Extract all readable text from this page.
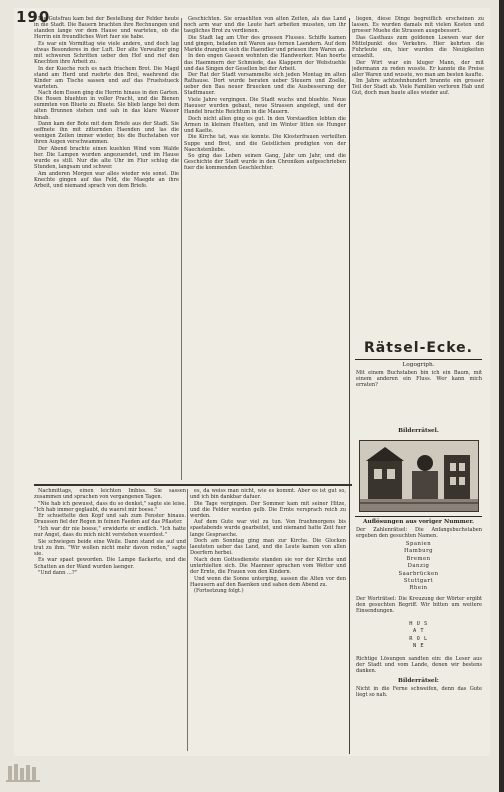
190

Die Gutsfrau kam bei der Bestellung der Felder heute in die Stadt. Die Bauern brachten ihre Rechnungen und standen lange vor dem Hause und warteten, ob die Herrin ein freundliches Wort fuer sie habe.

Es war ein Vormittag wie viele andere, und doch lag etwas Besonderes in der Luft. Der alte Verwalter ging mit schweren Schritten ueber den Hof und rief den Knechten ihre Arbeit zu.

In der Kueche roch es nach frischem Brot. Die Magd stand am Herd und ruehrte den Brei, waehrend die Kinder am Tische sassen und auf das Fruehstueck warteten.

Nach dem Essen ging die Herrin hinaus in den Garten. Die Rosen bluehten in voller Pracht, und die Bienen summten von Bluete zu Bluete. Sie blieb lange bei dem alten Brunnen stehen und sah in das klare Wasser hinab.

Dann kam der Bote mit dem Briefe aus der Stadt. Sie oeffnete ihn mit zitternden Haenden und las die wenigen Zeilen immer wieder, bis die Buchstaben vor ihren Augen verschwammen.

Der Abend brachte einen kuehlen Wind vom Walde her. Die Lampen wurden angezuendet, und im Hause wurde es still. Nur die alte Uhr im Flur schlug die Stunden, langsam und schwer.

Am anderen Morgen war alles wieder wie sonst. Die Knechte gingen auf das Feld, die Maegde an ihre Arbeit, und niemand sprach von dem Briefe.

Geschichten. Sie erzaehlten von alten Zeiten, als das Land noch arm war und die Leute hart arbeiten mussten, um ihr taegliches Brot zu verdienen.

Die Stadt lag am Ufer des grossen Flusses. Schiffe kamen und gingen, beladen mit Waren aus fernen Laendern. Auf dem Markte drangten sich die Haendler und priesen ihre Waren an.

In den engen Gassen wohnten die Handwerker. Man hoerte das Haemmern der Schmiede, das Klappern der Webstuehle und das Singen der Gesellen bei der Arbeit.

Der Rat der Stadt versammelte sich jeden Montag im alten Rathause. Dort wurde beraten ueber Steuern und Zoelle, ueber den Bau neuer Bruecken und die Ausbesserung der Stadtmauer.

Viele Jahre vergingen. Die Stadt wuchs und bluehte. Neue Haeuser wurden gebaut, neue Strassen angelegt, und der Handel brachte Reichtum in die Mauern.

Doch nicht allen ging es gut. In den Vorstaedten lebten die Armen in kleinen Huetten, und im Winter litten sie Hunger und Kaelte.

Die Kirche tat, was sie konnte. Die Klosterfrauen verteilten Suppe und Brot, und die Geistlichen predigten von der Naechstenliebe.

So ging das Leben seinen Gang, Jahr um Jahr, und die Geschichte der Stadt wurde in den Chroniken aufgeschrieben fuer die kommenden Geschlechter.

liegen, diese Dinge begreiflich erscheinen zu lassen. Es wurden damals mit vielen Kosten und grosser Muehe die Strassen ausgebessert.

Das Gasthaus zum goldenen Loewen war der Mittelpunkt des Verkehrs. Hier kehrten die Fuhrleute ein, hier wurden die Neuigkeiten erzaehlt.

Der Wirt war ein kluger Mann, der mit jedermann zu reden wusste. Er kannte die Preise aller Waren und wusste, wo man am besten kaufte.

Im Jahre achtzehnhundert brannte ein grosser Teil der Stadt ab. Viele Familien verloren Hab und Gut, doch man baute alles wieder auf.

Nachmittags, einen leichten Imbiss. Sie sassen zusammen und sprachen von vergangenen Tagen.

"Nie hab ich gewusst, dass du so denkst," sagte sie leise. "Ich hab immer geglaubt, du waerst mir boese."

Er schuettelte den Kopf und sah zum Fenster hinaus. Draussen fiel der Regen in feinen Faeden auf das Pflaster.

"Ich war dir nie boese," erwiderte er endlich. "Ich hatte nur Angst, dass du mich nicht verstehen wuerdest."

Sie schwiegen beide eine Weile. Dann stand sie auf und trat zu ihm. "Wir wollen nicht mehr davon reden," sagte sie.

Es war spaet geworden. Die Lampe flackerte, und die Schatten an der Wand wurden laenger.

"Und dann ...?"

es, da weiss man nicht, wie es kommt. Aber es ist gut so, und ich bin dankbar dafuer.

Die Tage vergingen. Der Sommer kam mit seiner Hitze, und die Felder wurden gelb. Die Ernte versprach reich zu werden.

Auf dem Gute war viel zu tun. Von fruehmorgens bis spaetabends wurde gearbeitet, und niemand hatte Zeit fuer lange Gespraeche.

Doch am Sonntag ging man zur Kirche. Die Glocken laeuteten ueber das Land, und die Leute kamen von allen Doerfern herbei.

Nach dem Gottesdienste standen sie vor der Kirche und unterhielten sich. Die Maenner sprachen vom Wetter und der Ernte, die Frauen von den Kindern.

Und wenn die Sonne unterging, sassen die Alten vor den Haeusern auf den Baenken und sahen dem Abend zu.

(Fortsetzung folgt.)

Rätsel-Ecke.
Logogriph.
Mit einem Buchstaben bin ich ein Baum, mit einem anderen ein Fluss. Wer kann mich erraten?
Bilderrätsel.
Auflösungen aus voriger Nummer.
Der Zahlenrätsel: Die Anfangsbuchstaben ergeben den gesuchten Namen.
Spanien
Hamburg
Bremen
Danzig
Saarbrücken
Stuttgart
Rhein
Der Worträtsel: Die Kreuzung der Wörter ergibt den gesuchten Begriff. Wir bitten um weitere Einsendungen.
H U S
A T
R O L
N E
Richtige Lösungen sandten ein: die Leser aus der Stadt und vom Lande, denen wir bestens danken.
Bilderrätsel:
Nicht in die Ferne schweifen, denn das Gute liegt so nah.
